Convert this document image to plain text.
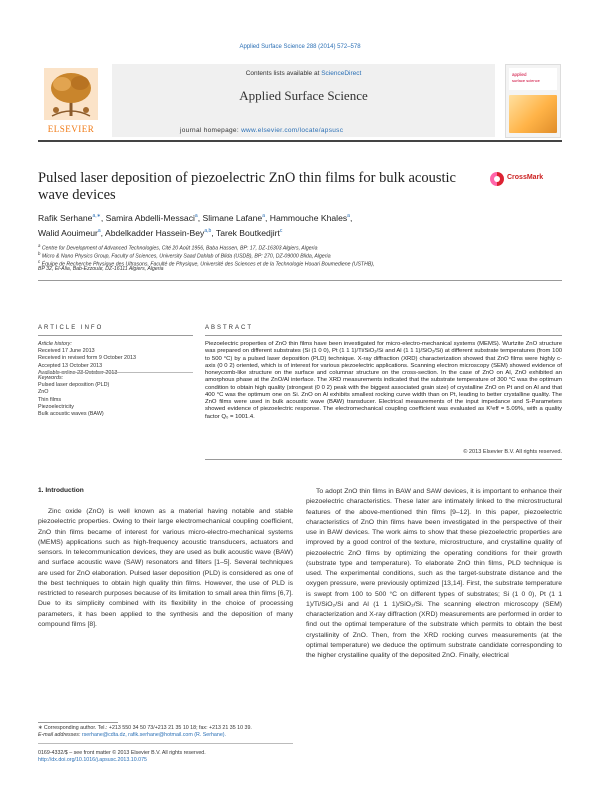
Applied Surface Science 288 (2014) 572–578
Contents lists available at ScienceDirect
Applied Surface Science
journal homepage: www.elsevier.com/locate/apsusc
ELSEVIER
applied
surface science
Pulsed laser deposition of piezoelectric ZnO thin films for bulk acoustic wave devices
CrossMark
Rafik Serhane$^{a,∗}$, Samira Abdelli-Messaci$^a$, Slimane Lafane$^a$, Hammouche Khales$^a$,
Walid Aouimeur$^a$, Abdelkadder Hassein-Bey$^{a,b}$, Tarek Boutkedjirt$^c$
$^a$ Centre for Development of Advanced Technologies, Cité 20 Août 1956, Baba Hassen, BP: 17, DZ-16303 Algiers, Algeria
$^b$ Micro & Nano Physics Group, Faculty of Sciences, University Saad Dahlab of Blida (USDB), BP: 270, DZ-09000 Blida, Algeria
$^c$ Équipe de Recherche Physique des Ultrasons, Faculté de Physique, Université des Sciences et de la Technologie Houari Boumediene (USTHB),
BP 32, El-Alia, Bab-Ezzouar, DZ-16111 Algiers, Algeria
ARTICLE INFO
Article history:
Received 17 June 2013
Received in revised form 9 October 2013
Accepted 13 October 2013
Available online 23 October 2013
Keywords:
Pulsed laser deposition (PLD)
ZnO
Thin films
Piezoelectricity
Bulk acoustic waves (BAW)
ABSTRACT
Piezoelectric properties of ZnO thin films have been investigated for micro-electro-mechanical systems (MEMS). Wurtzite ZnO structure was prepared on different substrates (Si (1 0 0), Pt (1 1 1)/Ti/SiO₂/Si and Al (1 1 1)/SiO₂/Si) at different substrate temperatures (from 100 to 500 °C) by a pulsed laser deposition (PLD) technique. X-ray diffraction (XRD) characterization showed that ZnO films were highly c-axis (0 0 2) oriented, which is of interest for various piezoelectric applications. Scanning electron microscopy (SEM) showed evidence of honeycomb-like structure on the surface and columnar structure on the cross-section. In the case of ZnO on Al, ZnO exhibited an amorphous phase at the ZnO/Al interface. The XRD measurements indicated that the substrate temperature of 300 °C was the optimum condition to obtain high quality (strongest (0 0 2) peak with the biggest associated grain size) of crystalline ZnO on Pt and on Al and that 400 °C was the optimum one on Si. ZnO on Al exhibits smallest rocking curve width than on Pt, leading to better crystalline quality. The ZnO films were used in bulk acoustic wave (BAW) transducer. Electrical measurements of the input impedance and S-Parameters showed evidence of piezoelectric response. The electromechanical coupling coefficient was evaluated as K²eff = 5.09%, with a quality factor Q₀ = 1001.4.
© 2013 Elsevier B.V. All rights reserved.
1. Introduction
Zinc oxide (ZnO) is well known as a material having notable and stable piezoelectric properties. Owing to their large electromechanical coupling coefficient, ZnO thin films became of interest for various micro-electro-mechanical systems (MEMS) applications such as high-frequency acoustic transducers, actuators and sensors. In telecommunication devices, they are used as bulk acoustic wave (BAW) and surface acoustic wave (SAW) resonators and filters [1–5]. Several techniques are used for ZnO elaboration. Pulsed laser deposition (PLD) is considered as one of the best techniques to obtain high quality thin films. However, the use of PLD is restricted to research purposes because of its limitation to small area thin films [6,7]. Due to its simplicity combined with its flexibility in the choice of processing parameters, it has been applied to the synthesis and the deposition of many compound films [8].
To adopt ZnO thin films in BAW and SAW devices, it is important to enhance their piezoelectric characteristics. These later are intimately linked to the microstructural features of the above-mentioned thin films [9–12]. In this paper, piezoelectric characteristics of ZnO thin films have been investigated in the perspective of their use in BAW devices. The work aims to show that these piezoelectric properties are improved by a good control of the texture, microstructure, and crystalline quality of piezoelectric ZnO films by optimizing the operating conditions for their growth (substrate type and temperature). To elaborate ZnO thin films, PLD technique is used. The experimental conditions, such as the target-substrate distance and the oxygen pressure, were previously optimized [13,14]. First, the substrate temperature is swept from 100 to 500 °C on different types of substrates; Si (1 0 0), Pt (1 1 1)/Ti/SiO₂/Si and Al (1 1 1)/SiO₂/Si. The scanning electron microscopy (SEM) characterization and X-ray diffraction (XRD) measurements are performed in order to find out the optimal temperature of the substrate which permits to obtain the best crystallinity of ZnO. Then, from the XRD rocking curves measurements (at the optimal temperature) we deduce the optimum substrate candidate corresponding to the higher crystalline quality of the deposited ZnO. Finally, electrical
∗ Corresponding author. Tel.: +213 550 34 50 73/+213 21 35 10 18; fax: +213 21 35 10 39.
E-mail addresses: rserhane@cdta.dz, rafik.serhane@hotmail.com (R. Serhane).
0169-4332/$ – see front matter © 2013 Elsevier B.V. All rights reserved.
http://dx.doi.org/10.1016/j.apsusc.2013.10.075
